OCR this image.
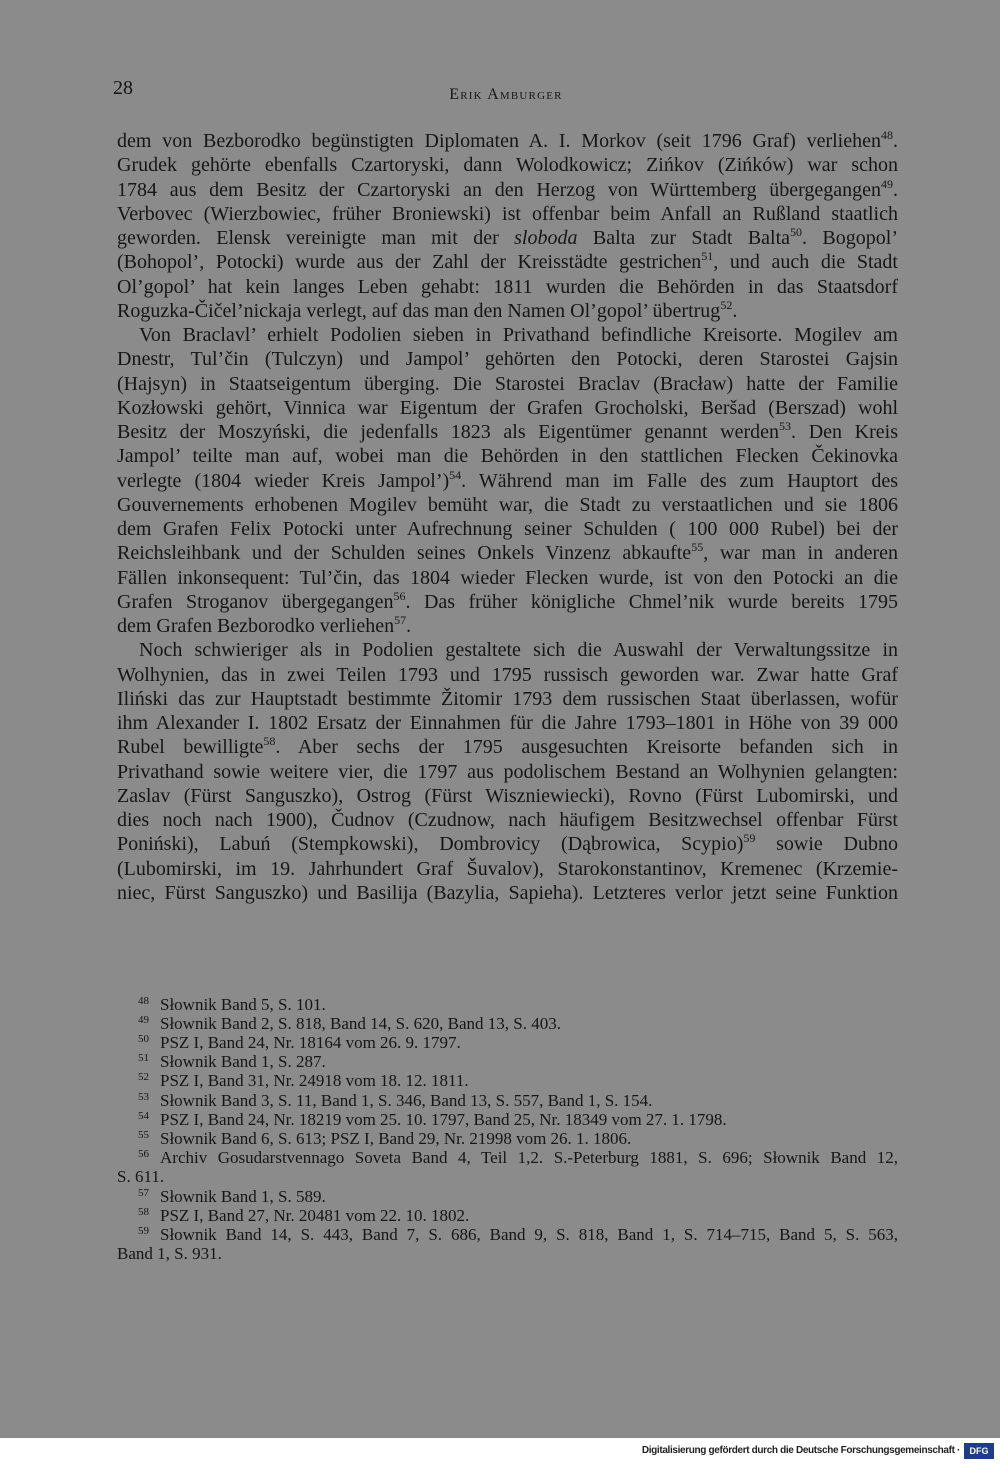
28	Erik Amburger
dem von Bezborodko begünstigten Diplomaten A. I. Morkov (seit 1796 Graf) verliehen$^{48}$.
Grudek gehörte ebenfalls Czartoryski, dann Wolodkowicz; Zińkov (Zińków) war schon
1784 aus dem Besitz der Czartoryski an den Herzog von Württemberg übergegangen$^{49}$.
Verbovec (Wierzbowiec, früher Broniewski) ist offenbar beim Anfall an Rußland staatlich
geworden. Elensk vereinigte man mit der sloboda Balta zur Stadt Balta$^{50}$. Bogopol’
(Bohopol’, Potocki) wurde aus der Zahl der Kreisstädte gestrichen$^{51}$, und auch die Stadt
Ol’gopol’ hat kein langes Leben gehabt: 1811 wurden die Behörden in das Staatsdorf
Roguzka-Čičel’nickaja verlegt, auf das man den Namen Ol’gopol’ übertrug$^{52}$.
Von Braclavl’ erhielt Podolien sieben in Privathand befindliche Kreisorte. Mogilev am
Dnestr, Tul’čin (Tulczyn) und Jampol’ gehörten den Potocki, deren Starostei Gajsin
(Hajsyn) in Staatseigentum überging. Die Starostei Braclav (Bracław) hatte der Familie
Kozłowski gehört, Vinnica war Eigentum der Grafen Grocholski, Beršad (Berszad) wohl
Besitz der Moszyński, die jedenfalls 1823 als Eigentümer genannt werden$^{53}$. Den Kreis
Jampol’ teilte man auf, wobei man die Behörden in den stattlichen Flecken Čekinovka
verlegte (1804 wieder Kreis Jampol’)$^{54}$. Während man im Falle des zum Hauptort des
Gouvernements erhobenen Mogilev bemüht war, die Stadt zu verstaatlichen und sie 1806
dem Grafen Felix Potocki unter Aufrechnung seiner Schulden ( 100 000 Rubel) bei der
Reichsleihbank und der Schulden seines Onkels Vinzenz abkaufte$^{55}$, war man in anderen
Fällen inkonsequent: Tul’čin, das 1804 wieder Flecken wurde, ist von den Potocki an die
Grafen Stroganov übergegangen$^{56}$. Das früher königliche Chmel’nik wurde bereits 1795
dem Grafen Bezborodko verliehen$^{57}$.
Noch schwieriger als in Podolien gestaltete sich die Auswahl der Verwaltungssitze in
Wolhynien, das in zwei Teilen 1793 und 1795 russisch geworden war. Zwar hatte Graf
Iliński das zur Hauptstadt bestimmte Žitomir 1793 dem russischen Staat überlassen, wofür
ihm Alexander I. 1802 Ersatz der Einnahmen für die Jahre 1793–1801 in Höhe von 39 000
Rubel bewilligte$^{58}$. Aber sechs der 1795 ausgesuchten Kreisorte befanden sich in
Privathand sowie weitere vier, die 1797 aus podolischem Bestand an Wolhynien gelangten:
Zaslav (Fürst Sanguszko), Ostrog (Fürst Wiszniewiecki), Rovno (Fürst Lubomirski, und
dies noch nach 1900), Čudnov (Czudnow, nach häufigem Besitzwechsel offenbar Fürst
Poniński), Labuń (Stempkowski), Dombrovicy (Dąbrowica, Scypio)$^{59}$ sowie Dubno
(Lubomirski, im 19. Jahrhundert Graf Šuvalov), Starokonstantinov, Kremenec (Krzemie-
niec, Fürst Sanguszko) und Basilija (Bazylia, Sapieha). Letzteres verlor jetzt seine Funktion
48 Słownik Band 5, S. 101.
49 Słownik Band 2, S. 818, Band 14, S. 620, Band 13, S. 403.
50 PSZ I, Band 24, Nr. 18164 vom 26. 9. 1797.
51 Słownik Band 1, S. 287.
52 PSZ I, Band 31, Nr. 24918 vom 18. 12. 1811.
53 Słownik Band 3, S. 11, Band 1, S. 346, Band 13, S. 557, Band 1, S. 154.
54 PSZ I, Band 24, Nr. 18219 vom 25. 10. 1797, Band 25, Nr. 18349 vom 27. 1. 1798.
55 Słownik Band 6, S. 613; PSZ I, Band 29, Nr. 21998 vom 26. 1. 1806.
56 Archiv Gosudarstvennago Soveta Band 4, Teil 1,2. S.-Peterburg 1881, S. 696; Słownik Band 12,
S. 611.
57 Słownik Band 1, S. 589.
58 PSZ I, Band 27, Nr. 20481 vom 22. 10. 1802.
59 Słownik Band 14, S. 443, Band 7, S. 686, Band 9, S. 818, Band 1, S. 714–715, Band 5, S. 563,
Band 1, S. 931.
Digitalisierung gefördert durch die Deutsche Forschungsgemeinschaft ·	DFG
